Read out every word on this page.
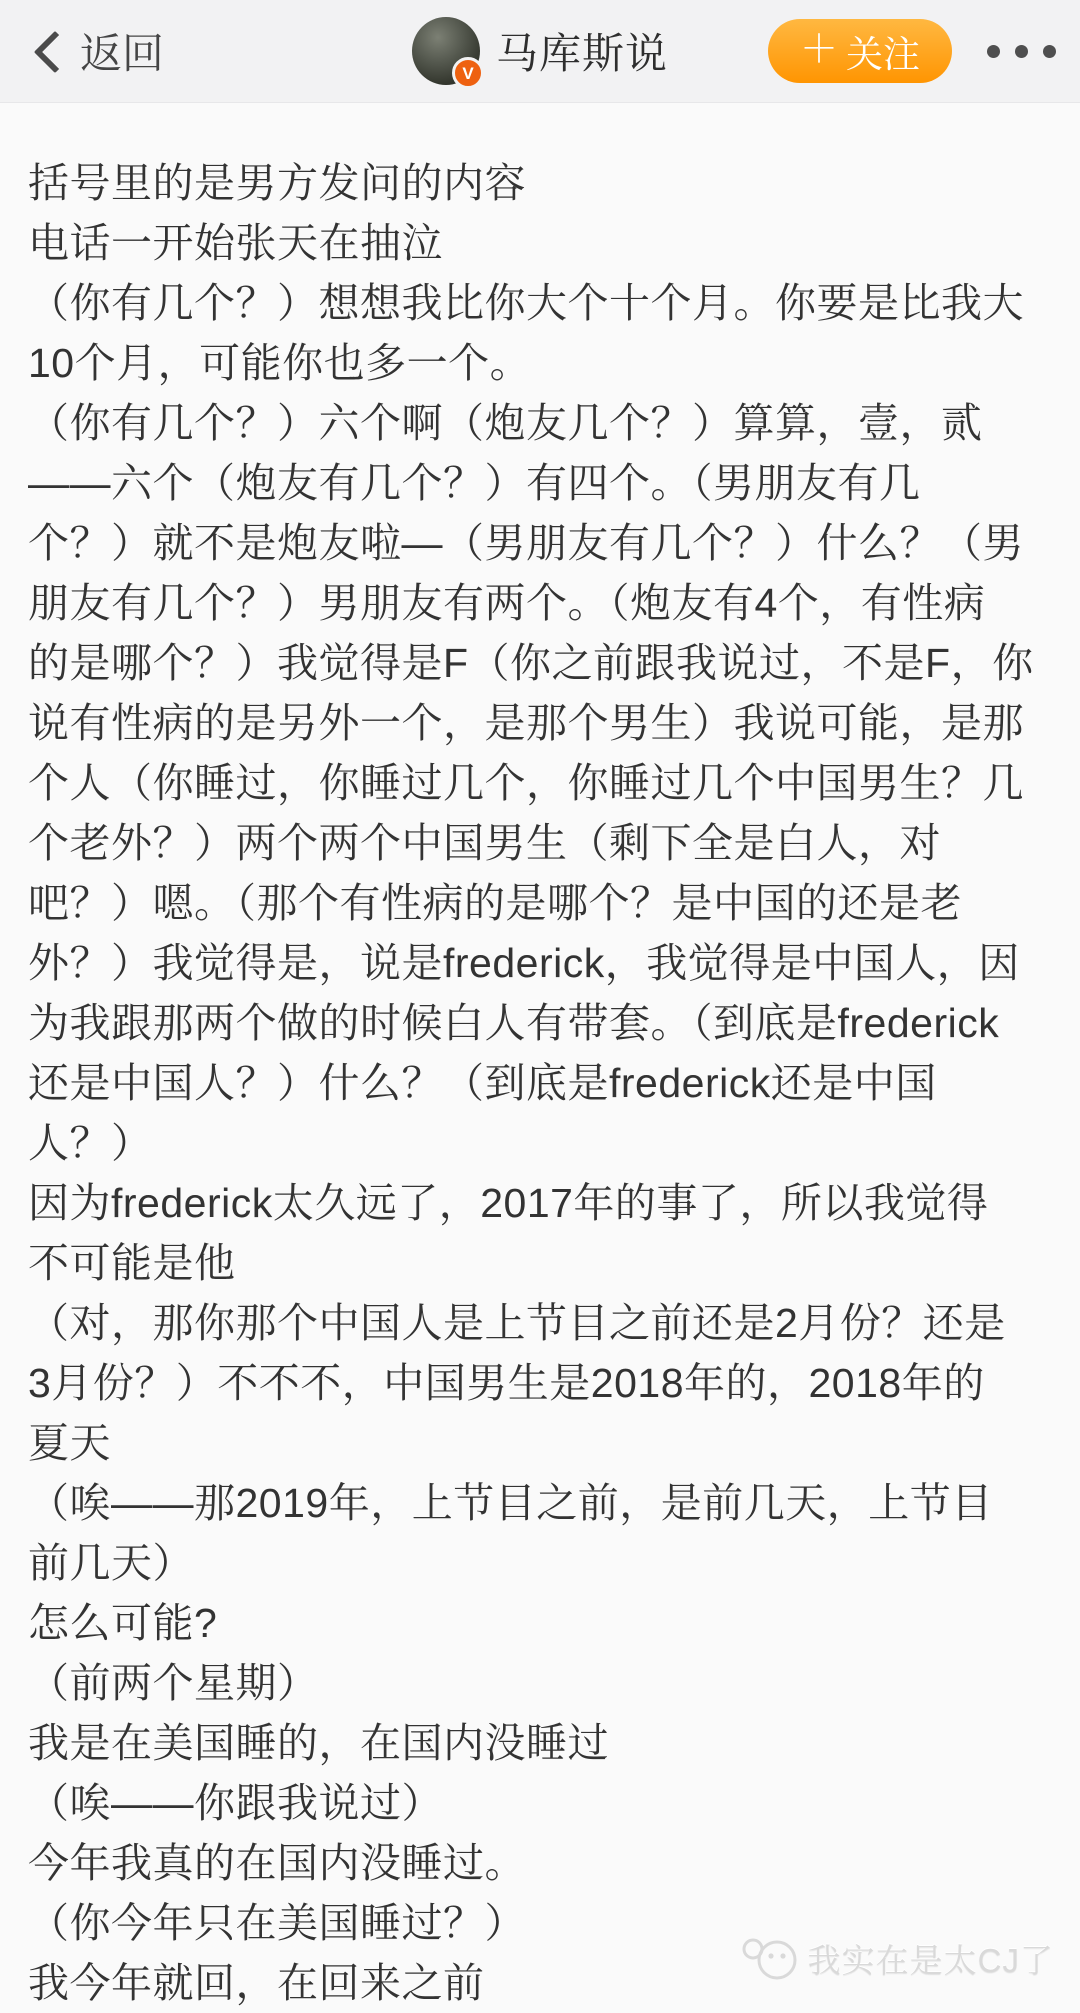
返回	V 马库斯说	＋ 关注
括号里的是男方发问的内容
电话一开始张天在抽泣
（你有几个？）想想我比你大个十个月。你要是比我大
10个月，可能你也多一个。
（你有几个？）六个啊（炮友几个？）算算，壹，贰
——六个（炮友有几个？）有四个。（男朋友有几
个？）就不是炮友啦—（男朋友有几个？）什么？（男
朋友有几个？）男朋友有两个。（炮友有4个，有性病
的是哪个？）我觉得是F（你之前跟我说过，不是F，你
说有性病的是另外一个，是那个男生）我说可能，是那
个人（你睡过，你睡过几个，你睡过几个中国男生？几
个老外？）两个两个中国男生（剩下全是白人，对
吧？）嗯。（那个有性病的是哪个？是中国的还是老
外？）我觉得是，说是frederick，我觉得是中国人，因
为我跟那两个做的时候白人有带套。（到底是frederick
还是中国人？）什么？（到底是frederick还是中国
人？）
因为frederick太久远了，2017年的事了，所以我觉得
不可能是他
（对，那你那个中国人是上节目之前还是2月份？还是
3月份？）不不不，中国男生是2018年的，2018年的
夏天
（唉——那2019年，上节目之前，是前几天，上节目
前几天）
怎么可能?
（前两个星期）
我是在美国睡的，在国内没睡过
（唉——你跟我说过）
今年我真的在国内没睡过。
（你今年只在美国睡过？）
我今年就回，在回来之前	我实在是太CJ了
